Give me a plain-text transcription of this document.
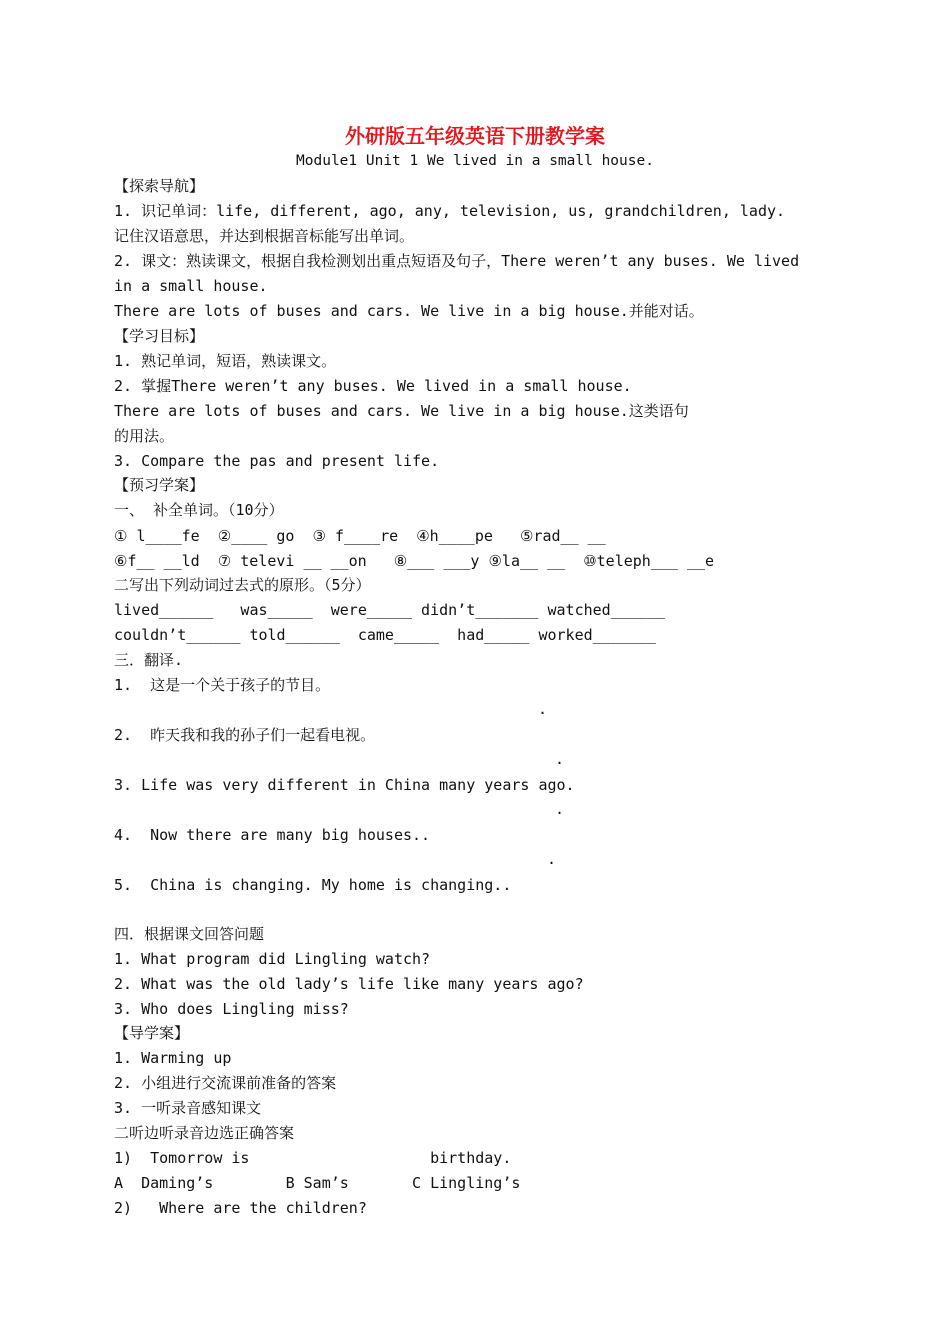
外研版五年级英语下册教学案
Module1 Unit 1 We lived in a small house.
【探索导航】
1. 识记单词：life, different, ago, any, television, us, grandchildren, lady.
记住汉语意思，并达到根据音标能写出单词。
2. 课文：熟读课文，根据自我检测划出重点短语及句子，There weren’t any buses. We lived
in a small house.
There are lots of buses and cars. We live in a big house.并能对话。
【学习目标】
1. 熟记单词，短语，熟读课文。
2. 掌握There weren’t any buses. We lived in a small house.
There are lots of buses and cars. We live in a big house.这类语句
的用法。
3. Compare the pas and present life.
【预习学案】
一、 补全单词。（10分）
① l____fe  ②____ go  ③ f____re  ④h____pe   ⑤rad__ __
⑥f__ __ld  ⑦ televi __ __on   ⑧___ ___y ⑨la__ __  ⑩teleph___ __e
二写出下列动词过去式的原形。（5分）
lived______   was_____  were_____ didn’t_______ watched______
couldn’t______ told______  came_____  had_____ worked_______
三．翻译.
1.  这是一个关于孩子的节目。
.
2.  昨天我和我的孙子们一起看电视。
.
3. Life was very different in China many years ago.
.
4.  Now there are many big houses..
.
5.  China is changing. My home is changing..
四．根据课文回答问题
1. What program did Lingling watch?
2. What was the old lady’s life like many years ago?
3. Who does Lingling miss?
【导学案】
1. Warming up
2. 小组进行交流课前准备的答案
3. 一听录音感知课文
二听边听录音边选正确答案
1)  Tomorrow is                    birthday.
A  Daming’s        B Sam’s       C Lingling’s
2)   Where are the children?
